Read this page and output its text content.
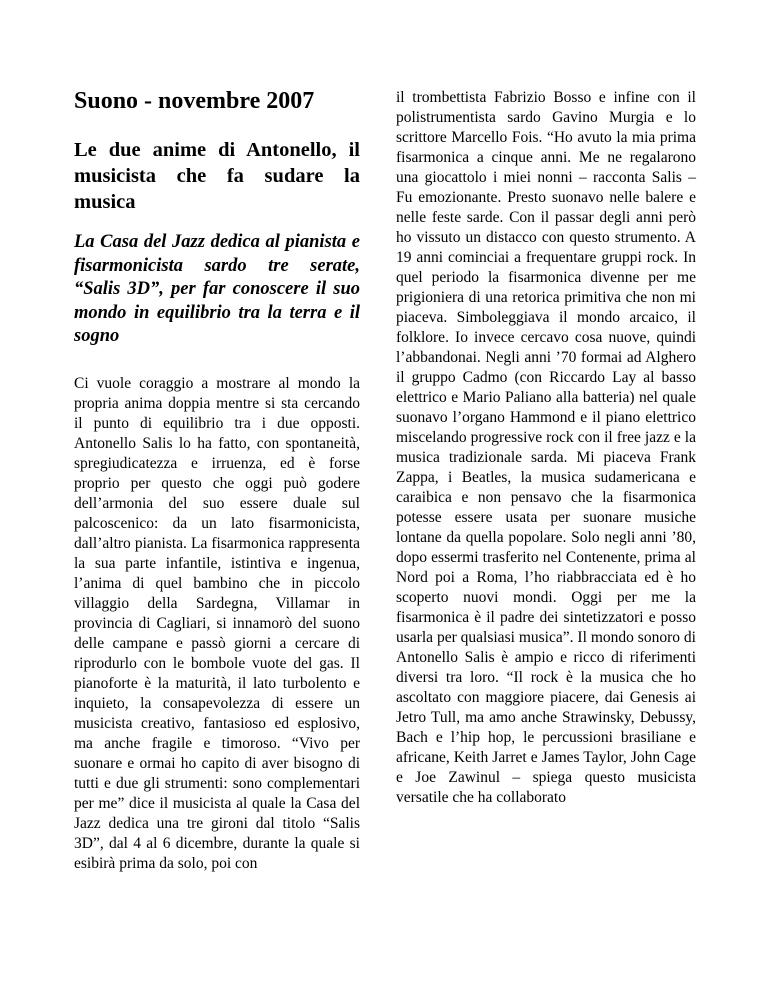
Suono - novembre 2007
Le due anime di Antonello, il musicista che fa sudare la musica
La Casa del Jazz dedica al pianista e fisarmonicista sardo tre serate, “Salis 3D”, per far conoscere il suo mondo in equilibrio tra la terra e il sogno

Ci vuole coraggio a mostrare al mondo la propria anima doppia mentre si sta cercando il punto di equilibrio tra i due opposti. Antonello Salis lo ha fatto, con spontaneità, spregiudicatezza e irruenza, ed è forse proprio per questo che oggi può godere dell’armonia del suo essere duale sul palcoscenico: da un lato fisarmonicista, dall’altro pianista. La fisarmonica rappresenta la sua parte infantile, istintiva e ingenua, l’anima di quel bambino che in piccolo villaggio della Sardegna, Villamar in provincia di Cagliari, si innamorò del suono delle campane e passò giorni a cercare di riprodurlo con le bombole vuote del gas. Il pianoforte è la maturità, il lato turbolento e inquieto, la consapevolezza di essere un musicista creativo, fantasioso ed esplosivo, ma anche fragile e timoroso. “Vivo per suonare e ormai ho capito di aver bisogno di tutti e due gli strumenti: sono complementari per me” dice il musicista al quale la Casa del Jazz dedica una tre gironi dal titolo “Salis 3D”, dal 4 al 6 dicembre, durante la quale si esibirà prima da solo, poi con

il trombettista Fabrizio Bosso e infine con il polistrumentista sardo Gavino Murgia e lo scrittore Marcello Fois. “Ho avuto la mia prima fisarmonica a cinque anni. Me ne regalarono una giocattolo i miei nonni – racconta Salis – Fu emozionante. Presto suonavo nelle balere e nelle feste sarde. Con il passar degli anni però ho vissuto un distacco con questo strumento. A 19 anni cominciai a frequentare gruppi rock. In quel periodo la fisarmonica divenne per me prigioniera di una retorica primitiva che non mi piaceva. Simboleggiava il mondo arcaico, il folklore. Io invece cercavo cosa nuove, quindi l’abbandonai. Negli anni ’70 formai ad Alghero il gruppo Cadmo (con Riccardo Lay al basso elettrico e Mario Paliano alla batteria) nel quale suonavo l’organo Hammond e il piano elettrico miscelando progressive rock con il free jazz e la musica tradizionale sarda. Mi piaceva Frank Zappa, i Beatles, la musica sudamericana e caraibica e non pensavo che la fisarmonica potesse essere usata per suonare musiche lontane da quella popolare. Solo negli anni ’80, dopo essermi trasferito nel Contenente, prima al Nord poi a Roma, l’ho riabbracciata ed è ho scoperto nuovi mondi. Oggi per me la fisarmonica è il padre dei sintetizzatori e posso usarla per qualsiasi musica”. Il mondo sonoro di Antonello Salis è ampio e ricco di riferimenti diversi tra loro. “Il rock è la musica che ho ascoltato con maggiore piacere, dai Genesis ai Jetro Tull, ma amo anche Strawinsky, Debussy, Bach e l’hip hop, le percussioni brasiliane e africane, Keith Jarret e James Taylor, John Cage e Joe Zawinul – spiega questo musicista versatile che ha collaborato
